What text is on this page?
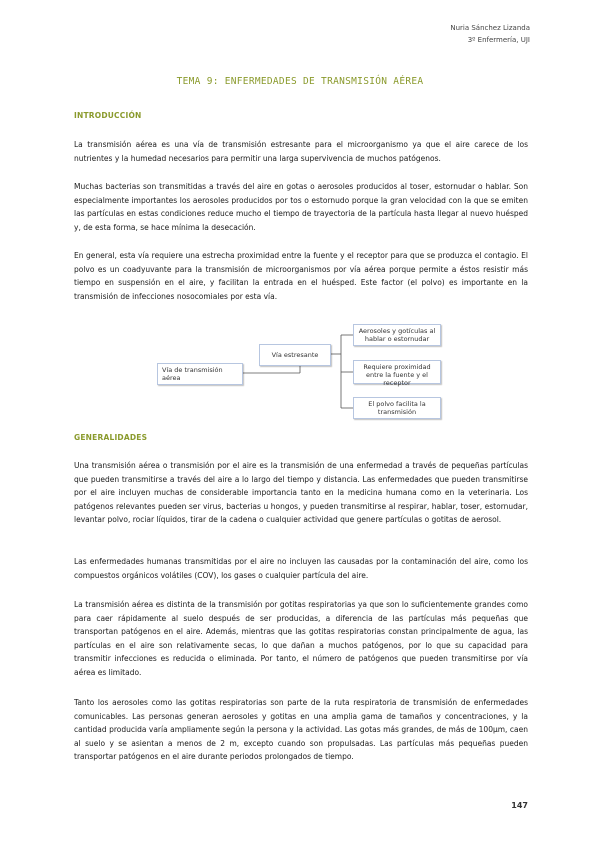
Nuria Sánchez Lizanda
3º Enfermería, UJI
TEMA 9: ENFERMEDADES DE TRANSMISIÓN AÉREA
INTRODUCCIÓN
La transmisión aérea es una vía de transmisión estresante para el microorganismo ya que el aire carece de los nutrientes y la humedad necesarios para permitir una larga supervivencia de muchos patógenos.
Muchas bacterias son transmitidas a través del aire en gotas o aerosoles producidos al toser, estornudar o hablar. Son especialmente importantes los aerosoles producidos por tos o estornudo porque la gran velocidad con la que se emiten las partículas en estas condiciones reduce mucho el tiempo de trayectoria de la partícula hasta llegar al nuevo huésped y, de esta forma, se hace mínima la desecación.
En general, esta vía requiere una estrecha proximidad entre la fuente y el receptor para que se produzca el contagio. El polvo es un coadyuvante para la transmisión de microorganismos por vía aérea porque permite a éstos resistir más tiempo en suspensión en el aire, y facilitan la entrada en el huésped. Este factor (el polvo) es importante en la transmisión de infecciones nosocomiales por esta vía.
Vía de transmisión aérea
Vía estresante
Aerosoles y gotículas al hablar o estornudar
Requiere proximidad entre la fuente y el receptor
El polvo facilita la transmisión
GENERALIDADES
Una transmisión aérea o transmisión por el aire es la transmisión de una enfermedad a través de pequeñas partículas que pueden transmitirse a través del aire a lo largo del tiempo y distancia. Las enfermedades que pueden transmitirse por el aire incluyen muchas de considerable importancia tanto en la medicina humana como en la veterinaria. Los patógenos relevantes pueden ser virus, bacterias u hongos, y pueden transmitirse al respirar, hablar, toser, estornudar, levantar polvo, rociar líquidos, tirar de la cadena o cualquier actividad que genere partículas o gotitas de aerosol.
Las enfermedades humanas transmitidas por el aire no incluyen las causadas por la contaminación del aire, como los compuestos orgánicos volátiles (COV), los gases o cualquier partícula del aire.
La transmisión aérea es distinta de la transmisión por gotitas respiratorias ya que son lo suficientemente grandes como para caer rápidamente al suelo después de ser producidas, a diferencia de las partículas más pequeñas que transportan patógenos en el aire. Además, mientras que las gotitas respiratorias constan principalmente de agua, las partículas en el aire son relativamente secas, lo que dañan a muchos patógenos, por lo que su capacidad para transmitir infecciones es reducida o eliminada. Por tanto, el número de patógenos que pueden transmitirse por vía aérea es limitado.
Tanto los aerosoles como las gotitas respiratorias son parte de la ruta respiratoria de transmisión de enfermedades comunicables. Las personas generan aerosoles y gotitas en una amplia gama de tamaños y concentraciones, y la cantidad producida varía ampliamente según la persona y la actividad. Las gotas más grandes, de más de 100µm, caen al suelo y se asientan a menos de 2 m, excepto cuando son propulsadas. Las partículas más pequeñas pueden transportar patógenos en el aire durante periodos prolongados de tiempo.
147
